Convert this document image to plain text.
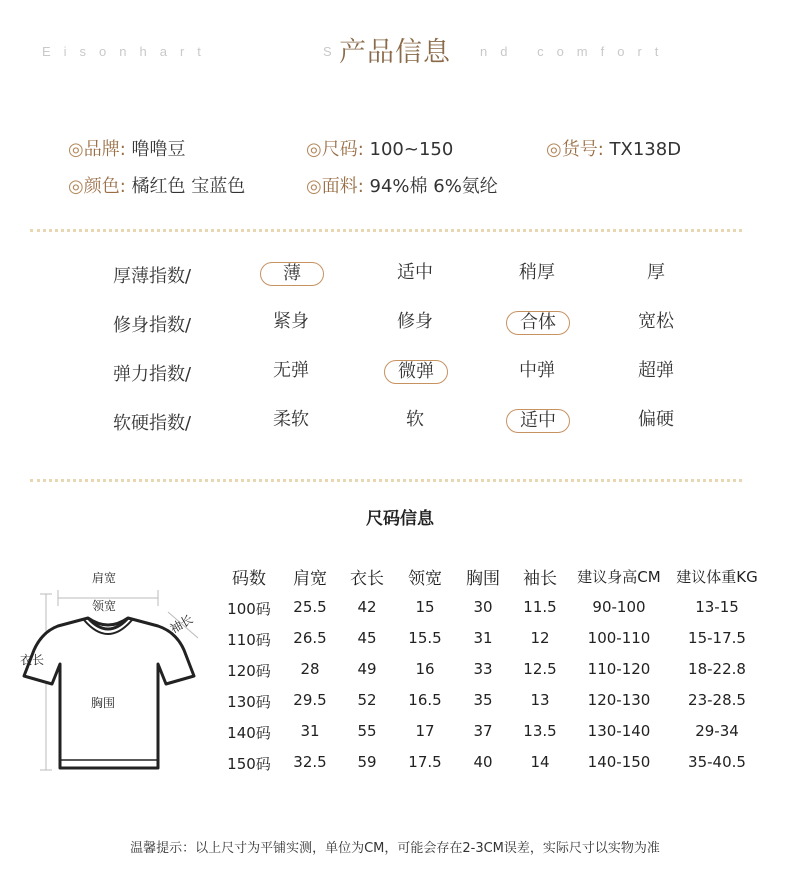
Eisonhart	S	nd comfort
产品信息
◎品牌: 噜噜豆	◎尺码: 100~150	◎货号: TX138D
◎颜色: 橘红色 宝蓝色	◎面料: 94%棉 6%氨纶
厚薄指数/	薄	适中	稍厚	厚
修身指数/	紧身	修身	合体	宽松
弹力指数/	无弹	微弹	中弹	超弹
软硬指数/	柔软	软	适中	偏硬
尺码信息
肩宽
领宽
袖长
衣长
胸围
码数	肩宽	衣长	领宽	胸围	袖长	建议身高CM	建议体重KG
100码	25.5	42	15	30	11.5	90-100	13-15
110码	26.5	45	15.5	31	12	100-110	15-17.5
120码	28	49	16	33	12.5	110-120	18-22.8
130码	29.5	52	16.5	35	13	120-130	23-28.5
140码	31	55	17	37	13.5	130-140	29-34
150码	32.5	59	17.5	40	14	140-150	35-40.5
温馨提示：以上尺寸为平铺实测，单位为CM，可能会存在2-3CM误差，实际尺寸以实物为准
